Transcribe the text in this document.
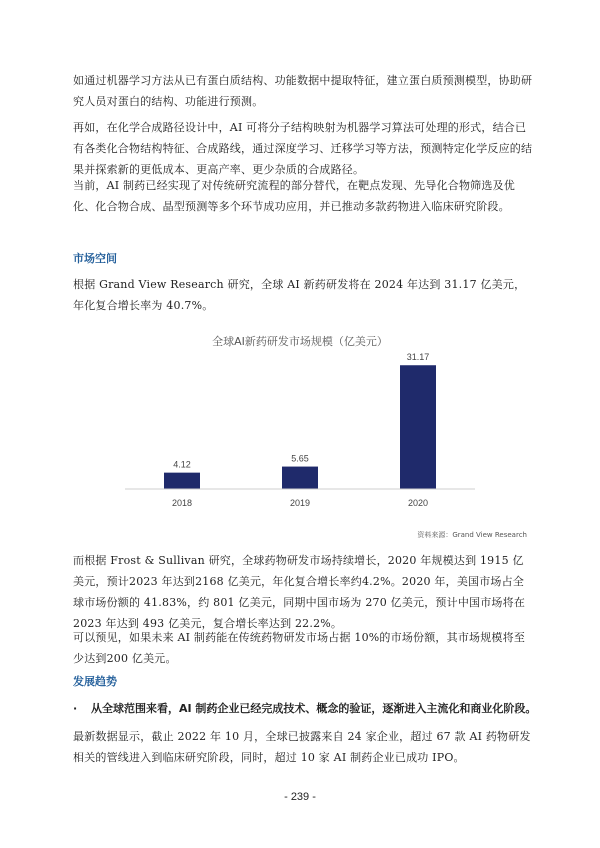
如通过机器学习方法从已有蛋白质结构、功能数据中提取特征，建立蛋白质预测模型，协助研究人员对蛋白的结构、功能进行预测。

再如，在化学合成路径设计中，AI 可将分子结构映射为机器学习算法可处理的形式，结合已有各类化合物结构特征、合成路线，通过深度学习、迁移学习等方法，预测特定化学反应的结果并探索新的更低成本、更高产率、更少杂质的合成路径。

当前，AI 制药已经实现了对传统研究流程的部分替代，在靶点发现、先导化合物筛选及优化、化合物合成、晶型预测等多个环节成功应用，并已推动多款药物进入临床研究阶段。

市场空间

根据 Grand View Research 研究，全球 AI 新药研发将在 2024 年达到 31.17 亿美元，年化复合增长率为 40.7%。

全球AI新药研发市场规模（亿美元）
4.12
2018
5.65
2019
31.17
2020
资料来源：Grand View Research

而根据 Frost & Sullivan 研究，全球药物研发市场持续增长，2020 年规模达到 1915 亿美元，预计2023 年达到2168 亿美元，年化复合增长率约4.2%。2020 年，美国市场占全球市场份额的 41.83%，约 801 亿美元，同期中国市场为 270 亿美元，预计中国市场将在 2023 年达到 493 亿美元，复合增长率达到 22.2%。

可以预见，如果未来 AI 制药能在传统药物研发市场占据 10%的市场份额，其市场规模将至少达到200 亿美元。

发展趋势
· 从全球范围来看，AI 制药企业已经完成技术、概念的验证，逐渐进入主流化和商业化阶段。

最新数据显示，截止 2022 年 10 月，全球已披露来自 24 家企业，超过 67 款 AI 药物研发相关的管线进入到临床研究阶段，同时，超过 10 家 AI 制药企业已成功 IPO。

- 239 -
